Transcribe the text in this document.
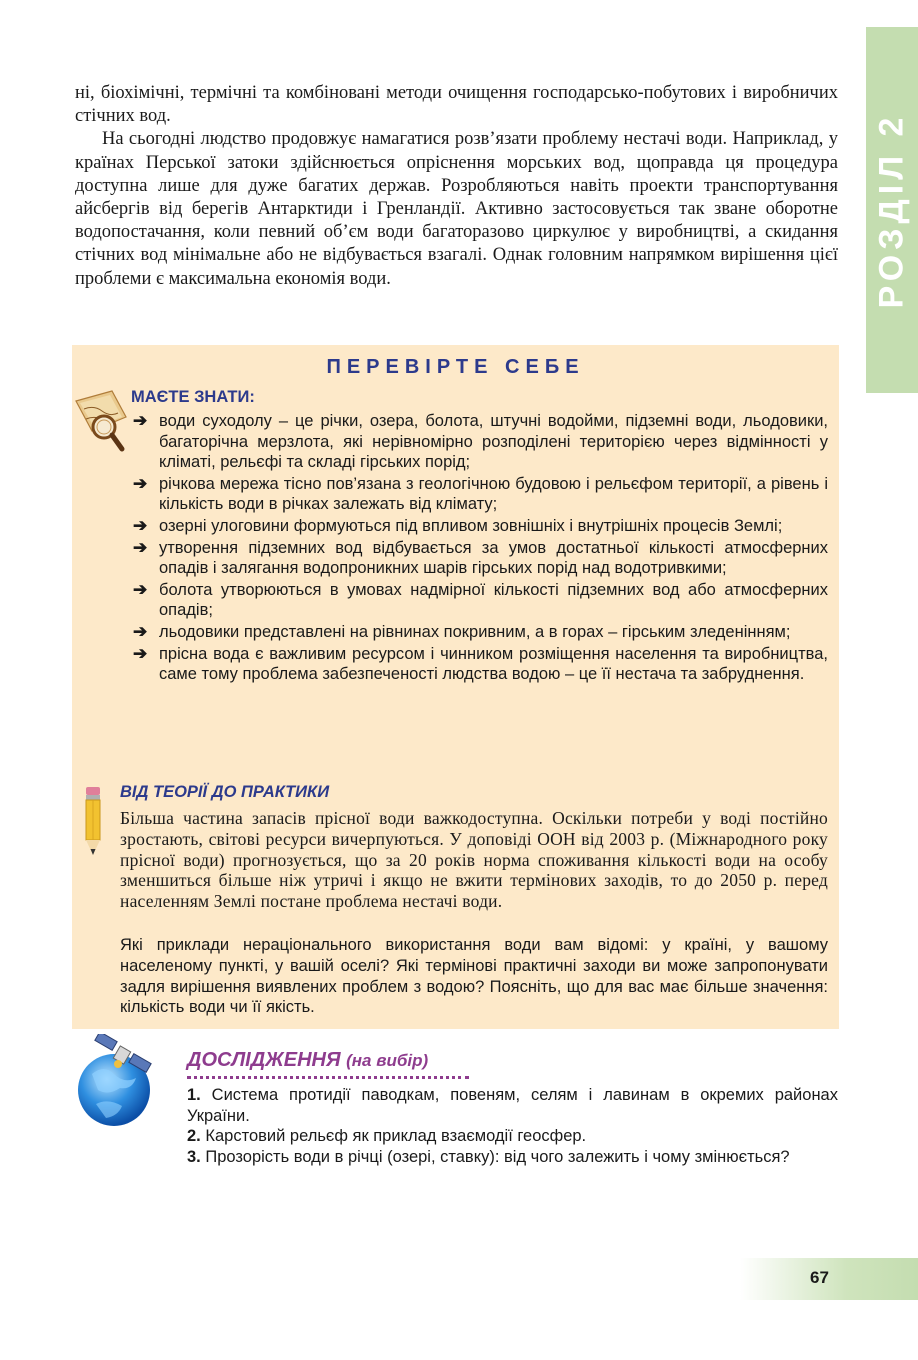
РОЗДІЛ 2

ні, біохімічні, термічні та комбіновані методи очищення господарсько-побутових і виробничих стічних вод.

На сьогодні людство продовжує намагатися розв’язати проблему нестачі води. Наприклад, у країнах Перської затоки здійснюється опріснення морських вод, щоправда ця процедура доступна лише для дуже багатих держав. Розробляються навіть проекти транспортування айсбергів від берегів Антарктиди і Гренландії. Активно застосовується так зване оборотне водопостачання, коли певний об’єм води багаторазово циркулює у виробництві, а скидання стічних вод мінімальне або не відбувається взагалі. Однак головним напрямком вирішення цієї проблеми є максимальна економія води.

ПЕРЕВІРТЕ СЕБЕ
МАЄТЕ ЗНАТИ:
➔ води суходолу – це річки, озера, болота, штучні водойми, підземні води, льодовики, багаторічна мерзлота, які нерівномірно розподілені територією через відмінності у кліматі, рельєфі та складі гірських порід;
➔ річкова мережа тісно пов’язана з геологічною будовою і рельєфом території, а рівень і кількість води в річках залежать від клімату;
➔ озерні улоговини формуються під впливом зовнішніх і внутрішніх процесів Землі;
➔ утворення підземних вод відбувається за умов достатньої кількості атмосферних опадів і залягання водопроникних шарів гірських порід над водотривкими;
➔ болота утворюються в умовах надмірної кількості підземних вод або атмосферних опадів;
➔ льодовики представлені на рівнинах покривним, а в горах – гірським зледенінням;
➔ прісна вода є важливим ресурсом і чинником розміщення населення та виробництва, саме тому проблема забезпеченості людства водою – це її нестача та забруднення.
ВІД ТЕОРІЇ ДО ПРАКТИКИ

Більша частина запасів прісної води важкодоступна. Оскільки потреби у воді постійно зростають, світові ресурси вичерпуються. У доповіді ООН від 2003 р. (Міжнародного року прісної води) прогнозується, що за 20 років норма споживання кількості води на особу зменшиться більше ніж утричі і якщо не вжити термінових заходів, то до 2050 р. перед населенням Землі постане проблема нестачі води.

Які приклади нераціонального використання води вам відомі: у країні, у вашому населеному пункті, у вашій оселі? Які термінові практичні заходи ви може запропонувати задля вирішення виявлених проблем з водою? Поясніть, що для вас має більше значення: кількість води чи її якість.

ДОСЛІДЖЕННЯ (на вибір)
1. Система протидії паводкам, повеням, селям і лавинам в окремих районах України.
2. Карстовий рельєф як приклад взаємодії геосфер.
3. Прозорість води в річці (озері, ставку): від чого залежить і чому змінюється?
67
